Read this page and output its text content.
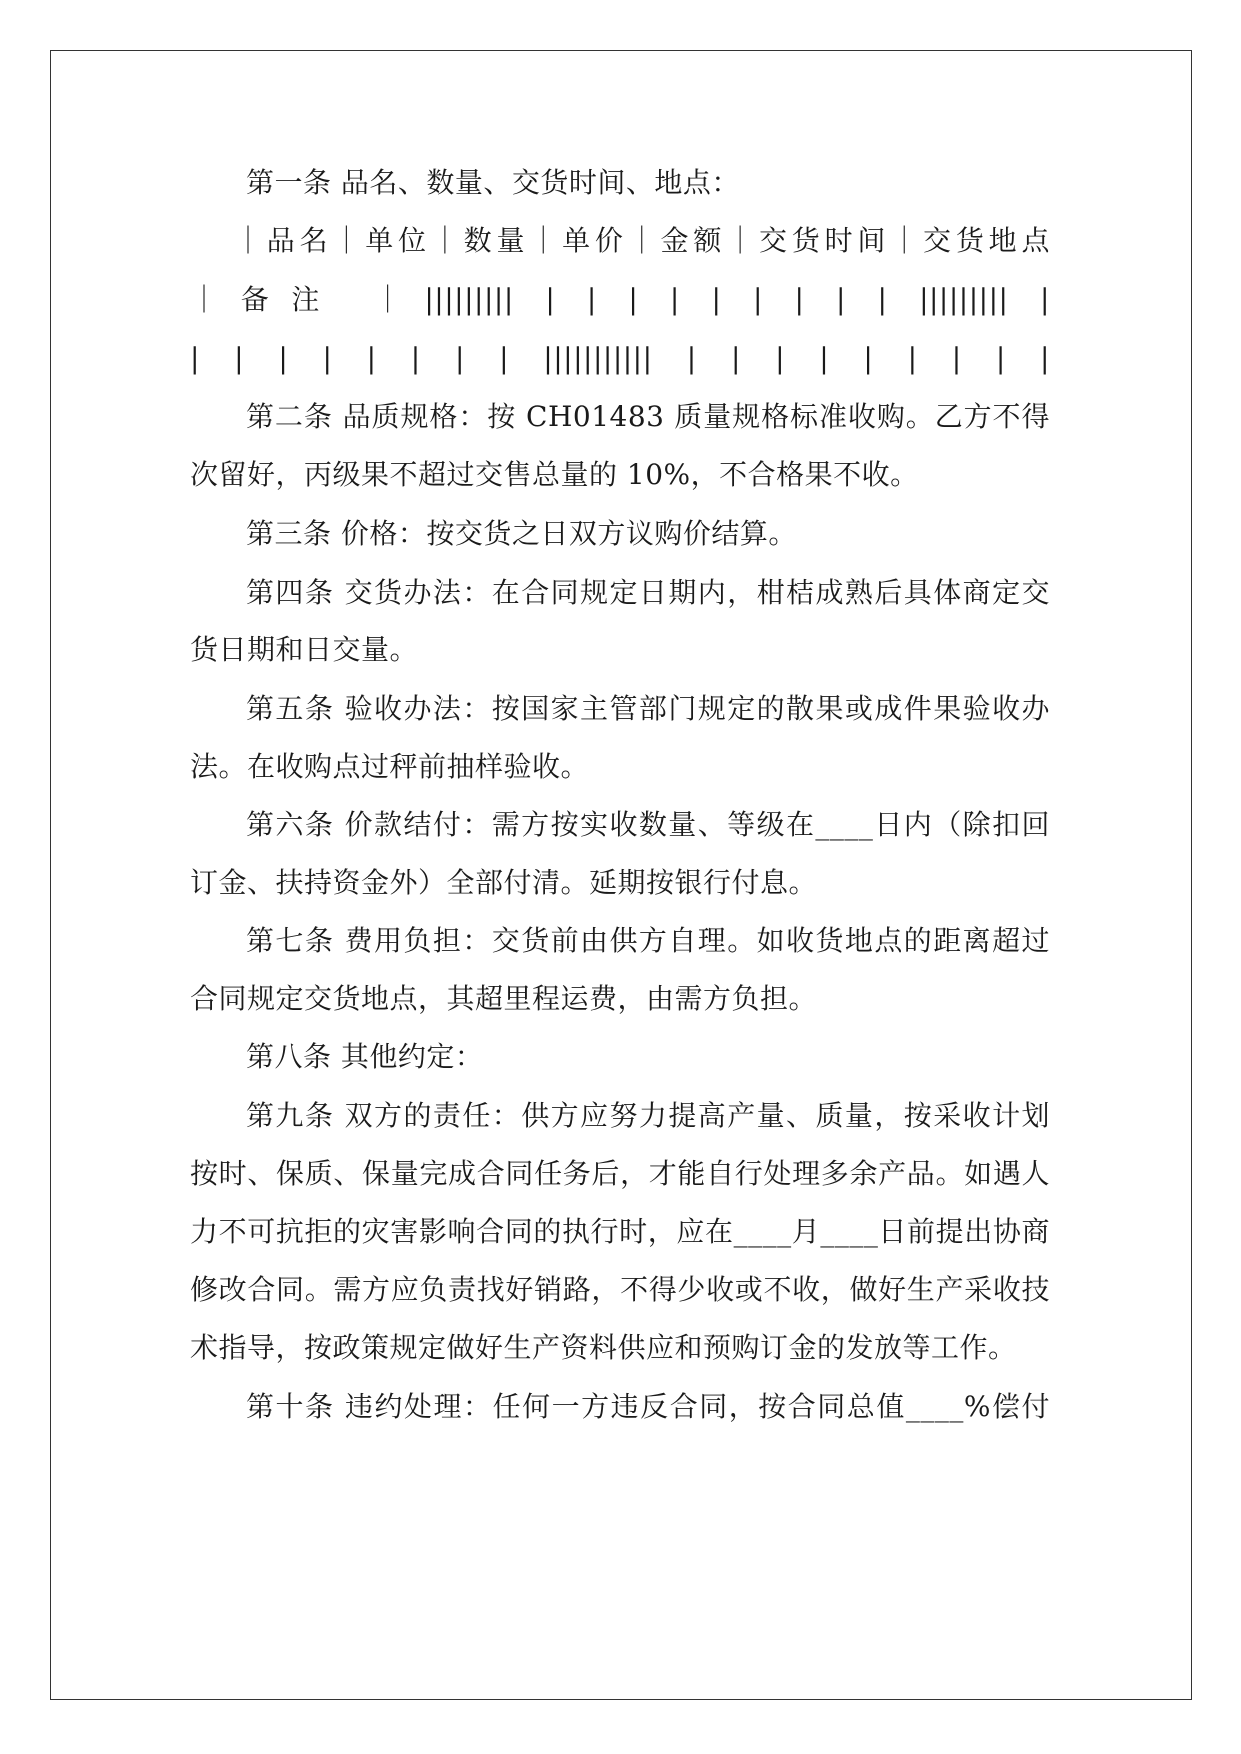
第一条 品名、数量、交货时间、地点：
｜品名｜单位｜数量｜单价｜金额｜交货时间｜交货地点
｜备注 ｜||||||||| | | | | | | | | | ||||||||| |
| | | | | | | | ||||||||||| | | | | | | | | |
第二条 品质规格：按 CH01483 质量规格标准收购。乙方不得
次留好，丙级果不超过交售总量的 10%，不合格果不收。
第三条 价格：按交货之日双方议购价结算。
第四条 交货办法：在合同规定日期内，柑桔成熟后具体商定交
货日期和日交量。
第五条 验收办法：按国家主管部门规定的散果或成件果验收办
法。在收购点过秤前抽样验收。
第六条 价款结付：需方按实收数量、等级在____日内（除扣回
订金、扶持资金外）全部付清。延期按银行付息。
第七条 费用负担：交货前由供方自理。如收货地点的距离超过
合同规定交货地点，其超里程运费，由需方负担。
第八条 其他约定：
第九条 双方的责任：供方应努力提高产量、质量，按采收计划
按时、保质、保量完成合同任务后，才能自行处理多余产品。如遇人
力不可抗拒的灾害影响合同的执行时，应在____月____日前提出协商
修改合同。需方应负责找好销路，不得少收或不收，做好生产采收技
术指导，按政策规定做好生产资料供应和预购订金的发放等工作。
第十条 违约处理：任何一方违反合同，按合同总值____%偿付
